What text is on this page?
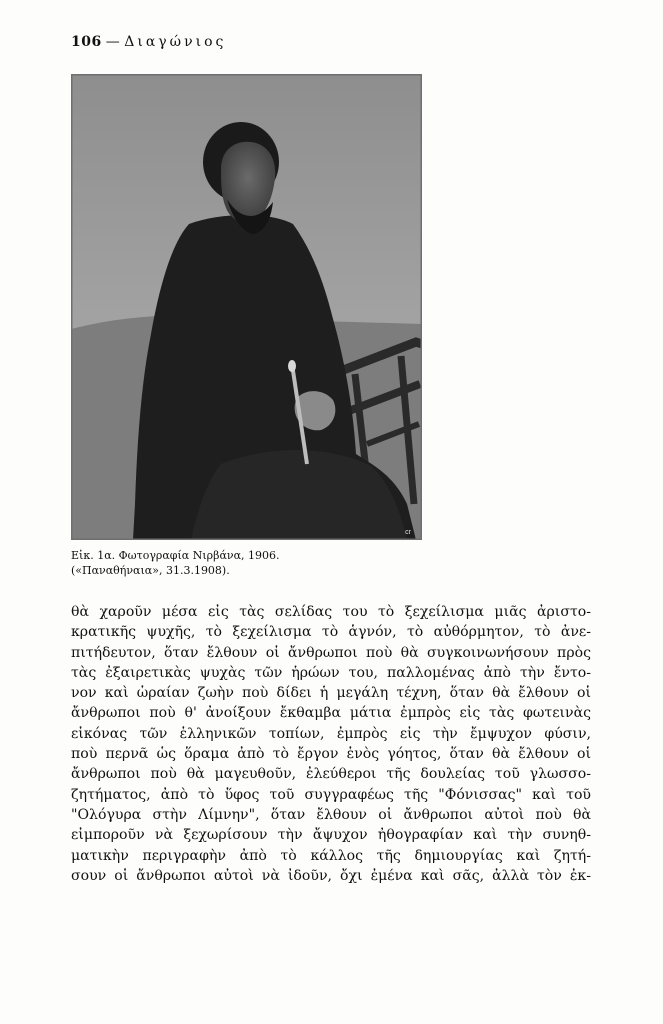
106 — Διαγώνιος
cr
Εἰκ. 1α. Φωτογραφία Νιρβάνα, 1906.
(«Παναθήναια», 31.3.1908).
θὰ χαροῦν μέσα εἰς τὰς σελίδας του τὸ ξεχείλισμα μιᾶς ἀριστο-
κρατικῆς ψυχῆς, τὸ ξεχείλισμα τὸ ἁγνόν, τὸ αὐθόρμητον, τὸ ἀνε-
πιτήδευτον, ὅταν ἔλθουν οἱ ἄνθρωποι ποὺ θὰ συγκοινωνήσουν πρὸς
τὰς ἐξαιρετικὰς ψυχὰς τῶν ἡρώων του, παλλομένας ἀπὸ τὴν ἔντο-
νον καὶ ὡραίαν ζωὴν ποὺ δίδει ἡ μεγάλη τέχνη, ὅταν θὰ ἔλθουν οἱ
ἄνθρωποι ποὺ θ' ἀνοίξουν ἔκθαμβα μάτια ἐμπρὸς εἰς τὰς φωτεινὰς
εἰκόνας τῶν ἑλληνικῶν τοπίων, ἐμπρὸς εἰς τὴν ἔμψυχον φύσιν,
ποὺ περνᾶ ὡς ὅραμα ἀπὸ τὸ ἔργον ἑνὸς γόητος, ὅταν θὰ ἔλθουν οἱ
ἄνθρωποι ποὺ θὰ μαγευθοῦν, ἐλεύθεροι τῆς δουλείας τοῦ γλωσσο-
ζητήματος, ἀπὸ τὸ ὕφος τοῦ συγγραφέως τῆς "Φόνισσας" καὶ τοῦ
"Ολόγυρα στὴν Λίμνην", ὅταν ἔλθουν οἱ ἄνθρωποι αὐτοὶ ποὺ θὰ
εἰμποροῦν νὰ ξεχωρίσουν τὴν ἄψυχον ἠθογραφίαν καὶ τὴν συνηθ-
ματικὴν περιγραφὴν ἀπὸ τὸ κάλλος τῆς δημιουργίας καὶ ζητή-
σουν οἱ ἄνθρωποι αὐτοὶ νὰ ἰδοῦν, ὄχι ἐμένα καὶ σᾶς, ἀλλὰ τὸν ἐκ-
